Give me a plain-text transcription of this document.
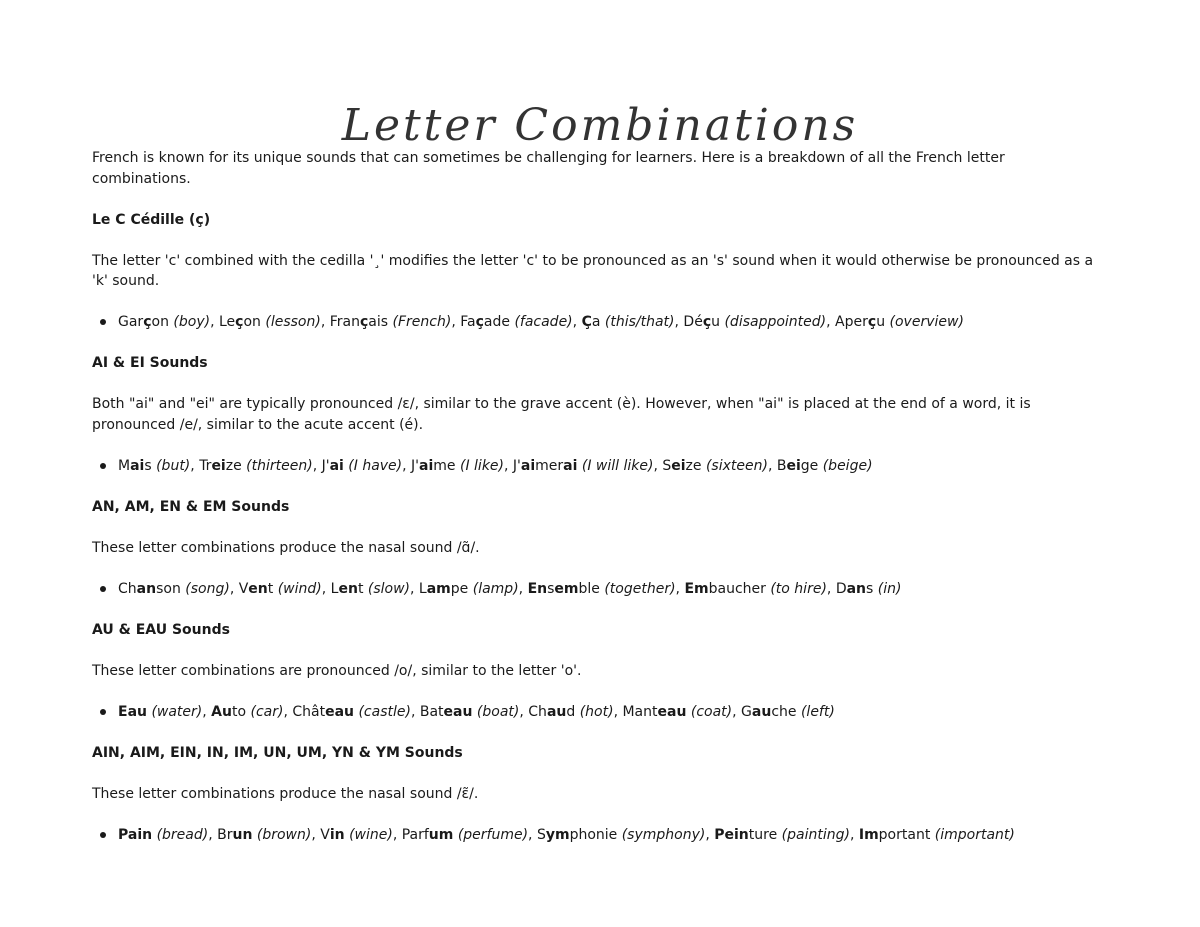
Letter Combinations

French is known for its unique sounds that can sometimes be challenging for learners. Here is a breakdown of all the French letter combinations.

Le C Cédille (ç)

The letter 'c' combined with the cedilla '¸' modifies the letter 'c' to be pronounced as an 's' sound when it would otherwise be pronounced as a 'k' sound.

Garçon (boy), Leçon (lesson), Français (French), Façade (facade), Ça (this/that), Déçu (disappointed), Aperçu (overview)

AI & EI Sounds

Both "ai" and "ei" are typically pronounced /ɛ/, similar to the grave accent (è). However, when "ai" is placed at the end of a word, it is pronounced /e/, similar to the acute accent (é).

Mais (but), Treize (thirteen), J'ai (I have), J'aime (I like), J'aimerai (I will like), Seize (sixteen), Beige (beige)

AN, AM, EN & EM Sounds

These letter combinations produce the nasal sound /ɑ̃/.

Chanson (song), Vent (wind), Lent (slow), Lampe (lamp), Ensemble (together), Embaucher (to hire), Dans (in)

AU & EAU Sounds

These letter combinations are pronounced /o/, similar to the letter 'o'.

Eau (water), Auto (car), Château (castle), Bateau (boat), Chaud (hot), Manteau (coat), Gauche (left)

AIN, AIM, EIN, IN, IM, UN, UM, YN & YM Sounds

These letter combinations produce the nasal sound /ɛ̃/.

Pain (bread), Brun (brown), Vin (wine), Parfum (perfume), Symphonie (symphony), Peinture (painting), Important (important)
